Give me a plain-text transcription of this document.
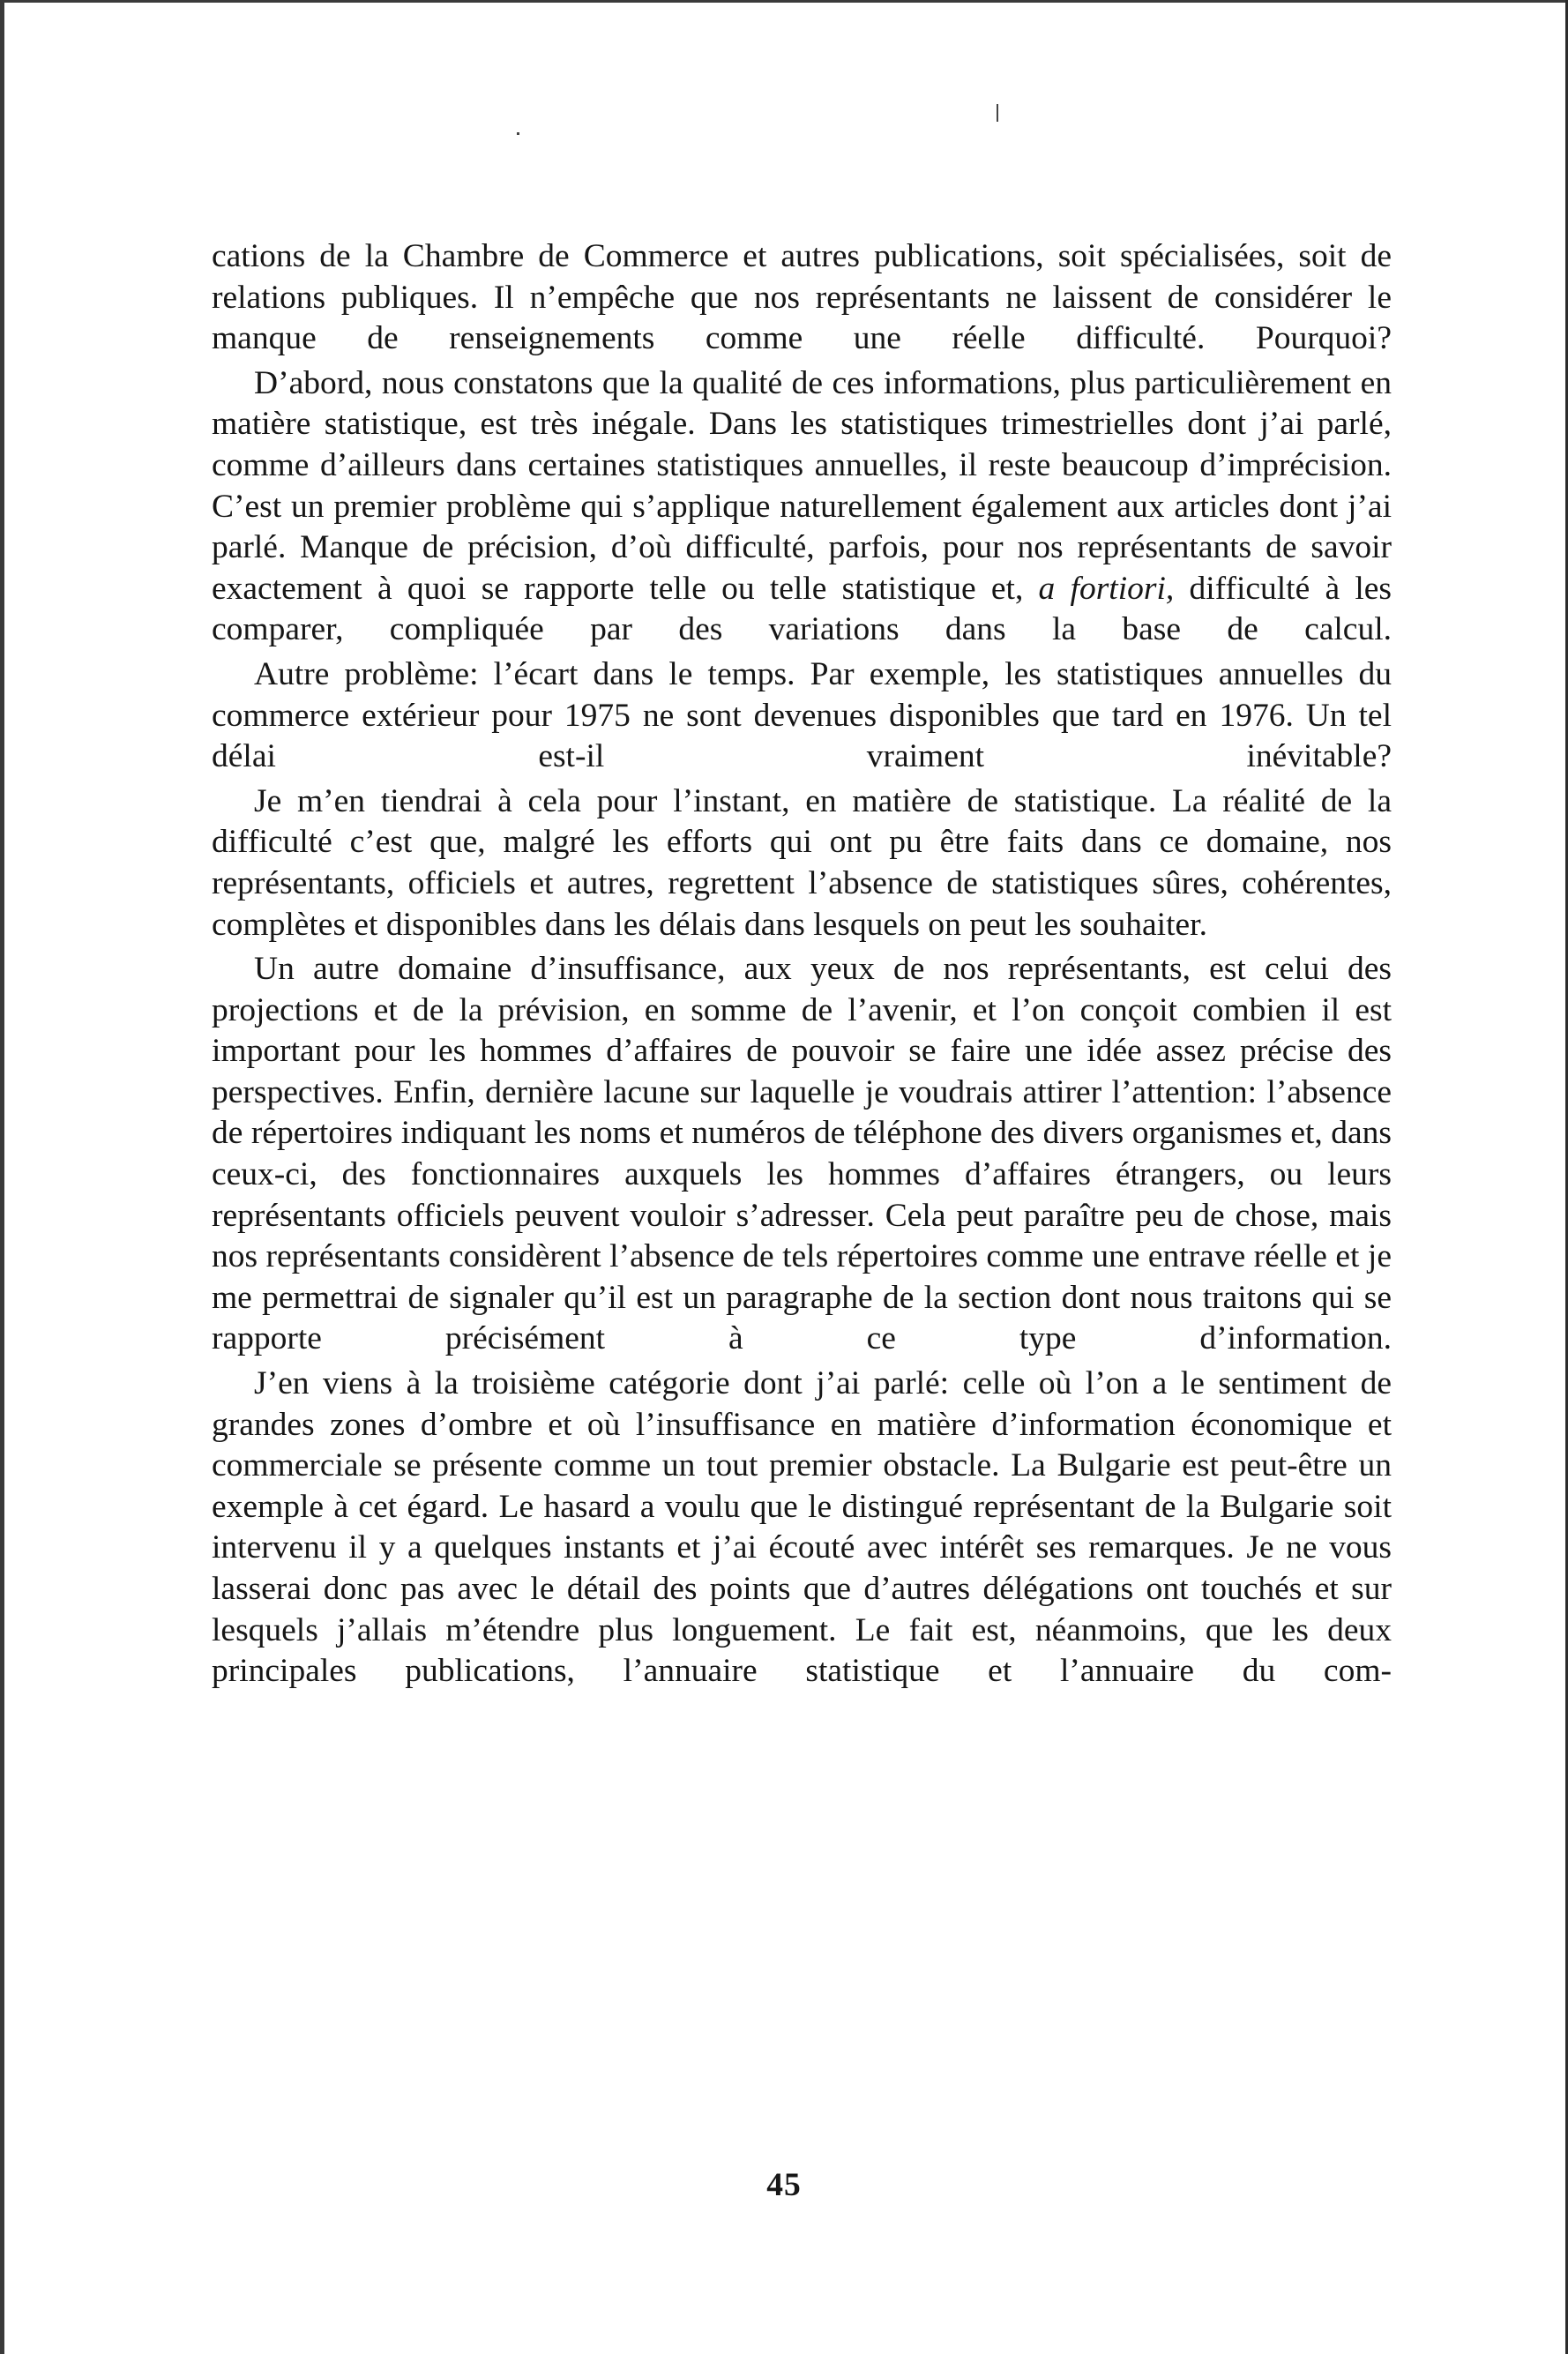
cations de la Chambre de Commerce et autres publications, soit spécialisées, soit de relations publiques. Il n’empêche que nos représentants ne laissent de considérer le manque de renseignements comme une réelle difficulté. Pourquoi?

D’abord, nous constatons que la qualité de ces informations, plus particulièrement en matière statistique, est très inégale. Dans les statistiques trimestrielles dont j’ai parlé, comme d’ailleurs dans certaines statistiques annuelles, il reste beaucoup d’imprécision. C’est un premier problème qui s’applique naturellement également aux articles dont j’ai parlé. Manque de précision, d’où difficulté, parfois, pour nos représentants de savoir exactement à quoi se rapporte telle ou telle statistique et, a fortiori, difficulté à les comparer, compliquée par des variations dans la base de calcul.

Autre problème: l’écart dans le temps. Par exemple, les statistiques annuelles du commerce extérieur pour 1975 ne sont devenues disponibles que tard en 1976. Un tel délai est-il vraiment inévitable?

Je m’en tiendrai à cela pour l’instant, en matière de statistique. La réalité de la difficulté c’est que, malgré les efforts qui ont pu être faits dans ce domaine, nos représentants, officiels et autres, regrettent l’absence de statistiques sûres, cohérentes, complètes et disponibles dans les délais dans lesquels on peut les souhaiter.

Un autre domaine d’insuffisance, aux yeux de nos représentants, est celui des projections et de la prévision, en somme de l’avenir, et l’on conçoit combien il est important pour les hommes d’affaires de pouvoir se faire une idée assez précise des perspectives. Enfin, dernière lacune sur laquelle je voudrais attirer l’attention: l’absence de répertoires indiquant les noms et numéros de téléphone des divers organismes et, dans ceux-ci, des fonctionnaires auxquels les hommes d’affaires étrangers, ou leurs représentants officiels peuvent vouloir s’adresser. Cela peut paraître peu de chose, mais nos représentants considèrent l’absence de tels répertoires comme une entrave réelle et je me permettrai de signaler qu’il est un paragraphe de la section dont nous traitons qui se rapporte précisément à ce type d’information.

J’en viens à la troisième catégorie dont j’ai parlé: celle où l’on a le sentiment de grandes zones d’ombre et où l’insuffisance en matière d’information économique et commerciale se présente comme un tout premier obstacle. La Bulgarie est peut-être un exemple à cet égard. Le hasard a voulu que le distingué représentant de la Bulgarie soit intervenu il y a quelques instants et j’ai écouté avec intérêt ses remarques. Je ne vous lasserai donc pas avec le détail des points que d’autres délégations ont touchés et sur lesquels j’allais m’étendre plus longuement. Le fait est, néanmoins, que les deux principales publications, l’annuaire statistique et l’annuaire du com-

45
